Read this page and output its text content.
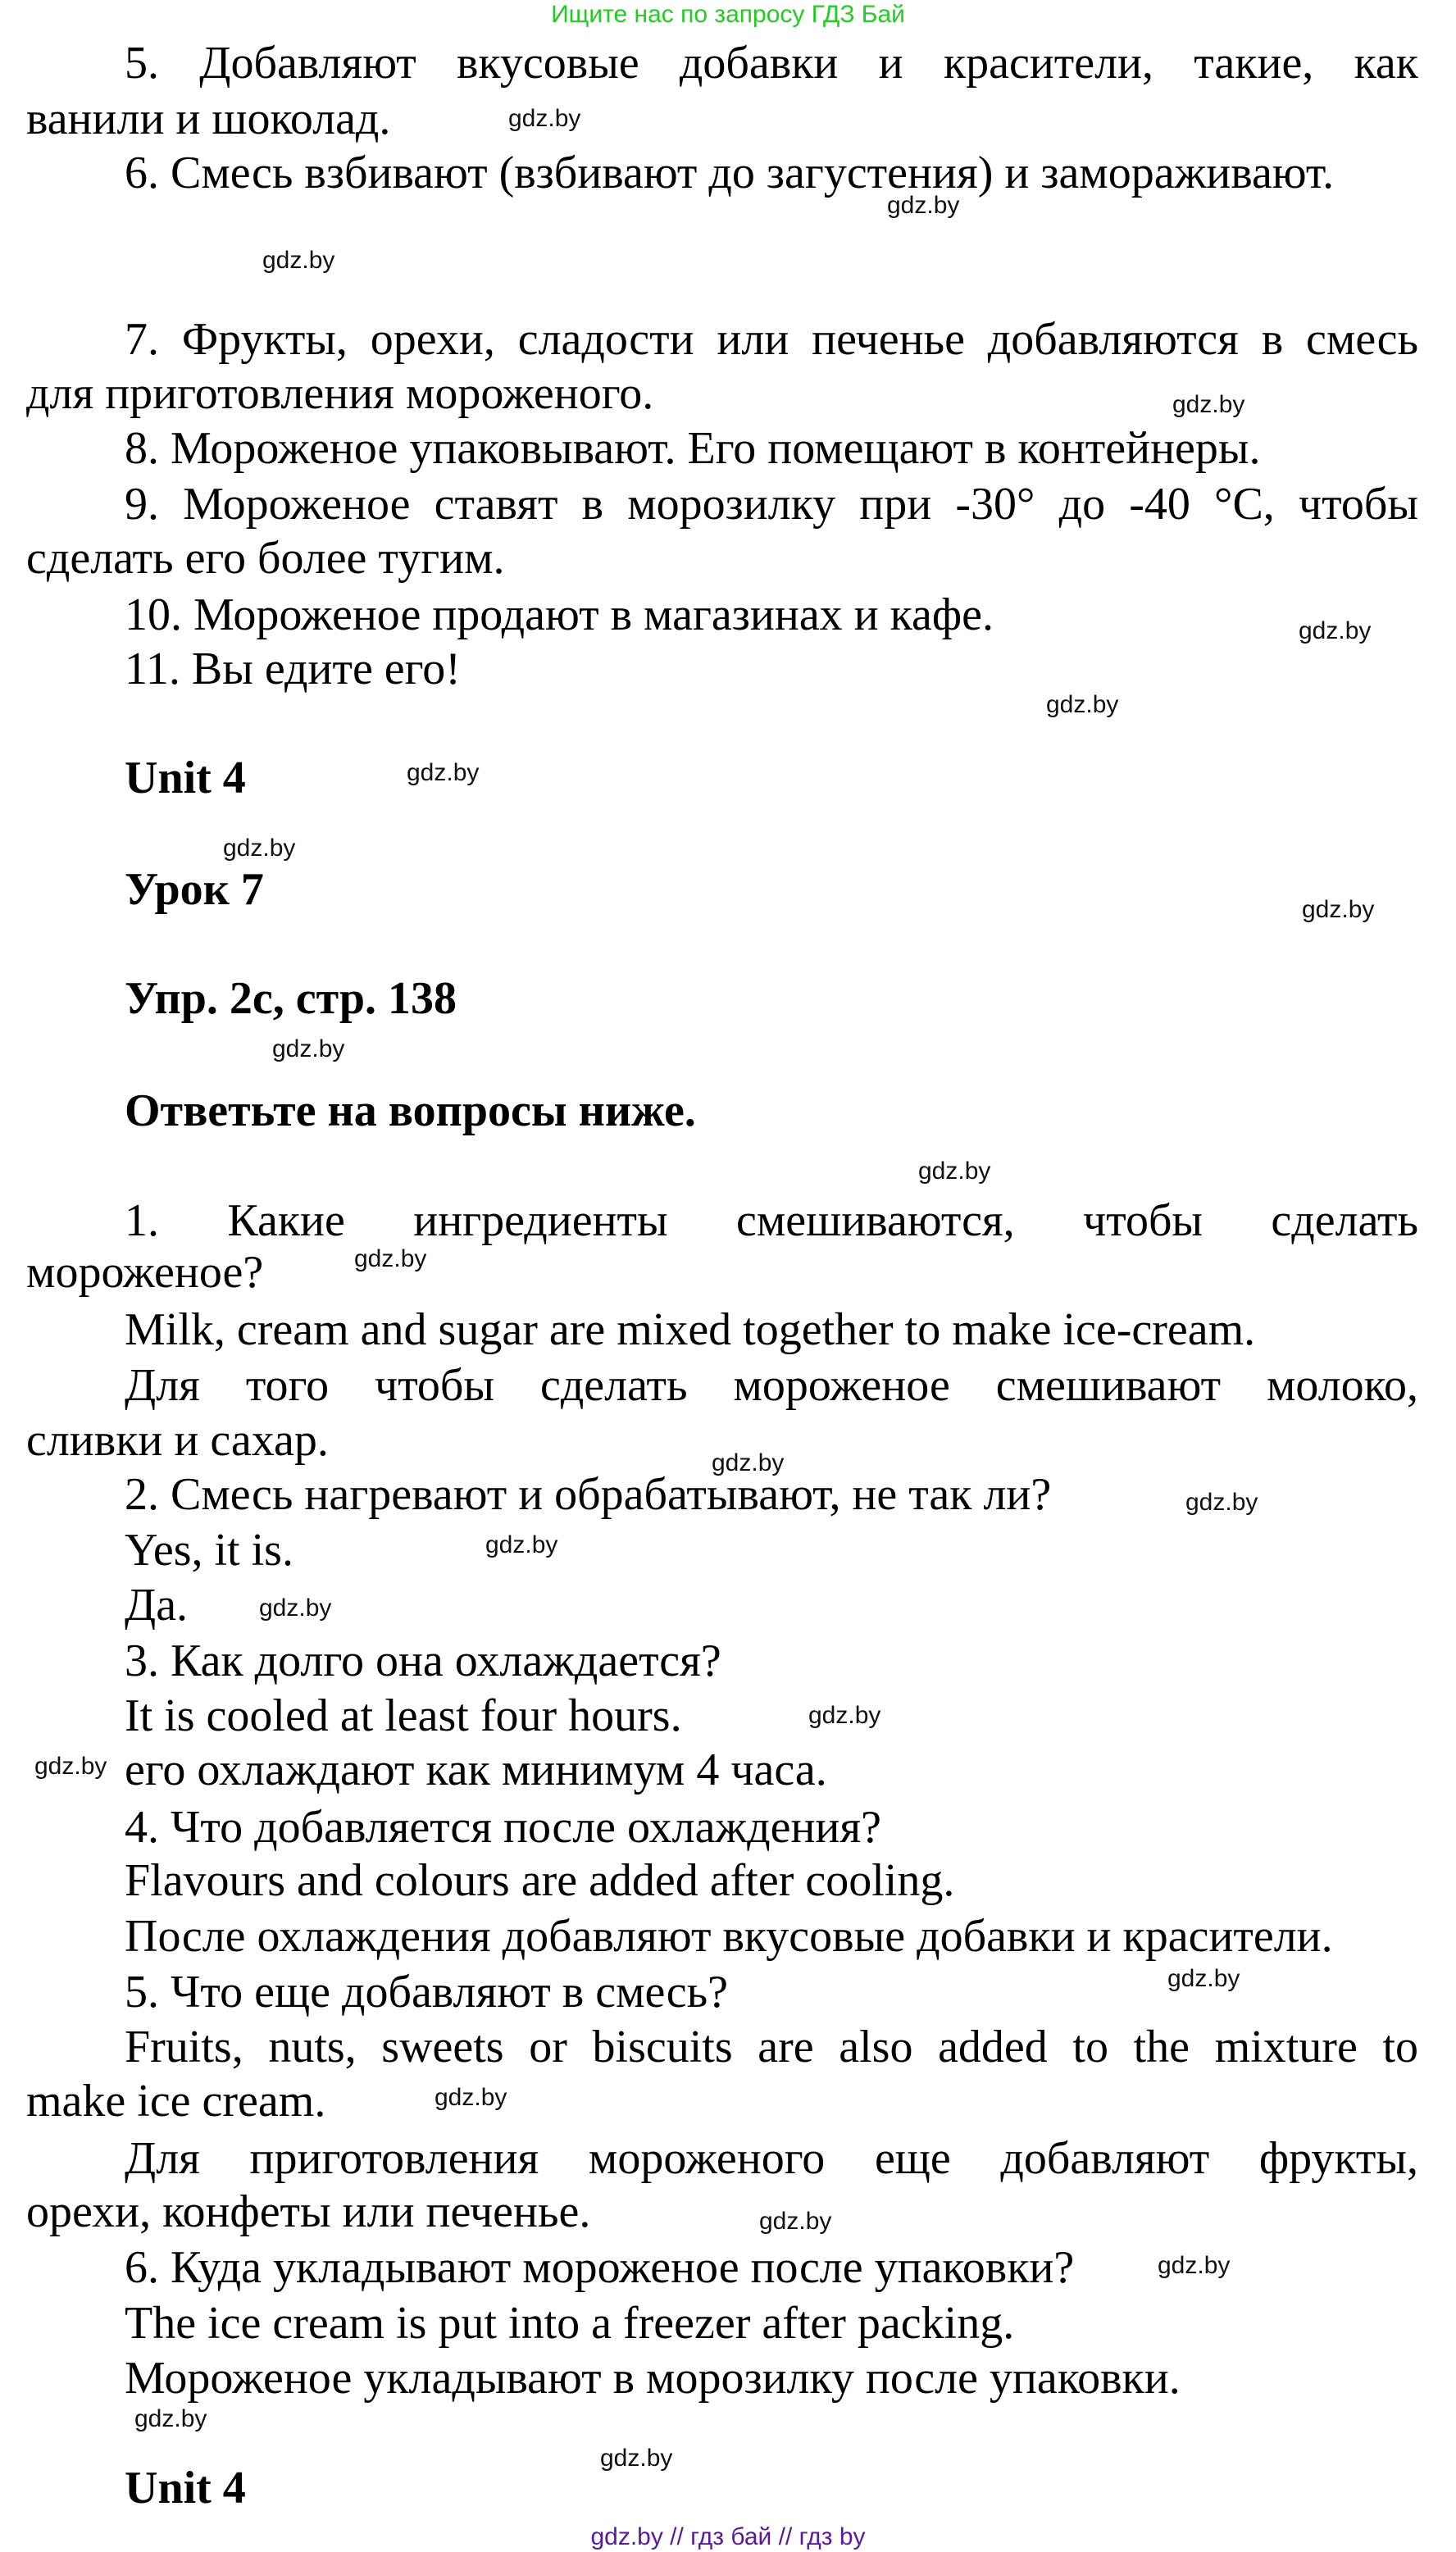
Ищите нас по запросу ГДЗ Бай
5. Добавляют вкусовые добавки и красители, такие, как
ванили и шоколад.
6. Смесь взбивают (взбивают до загустения) и замораживают.
7. Фрукты, орехи, сладости или печенье добавляются в смесь
для приготовления мороженого.
8. Мороженое упаковывают. Его помещают в контейнеры.
9. Мороженое ставят в морозилку при -30° до -40 °С, чтобы
сделать его более тугим.
10. Мороженое продают в магазинах и кафе.
11. Вы едите его!
Unit 4
Урок 7
Упр. 2с, стр. 138
Ответьте на вопросы ниже.
1. Какие ингредиенты смешиваются, чтобы сделать
мороженое?
Milk, cream and sugar are mixed together to make ice-cream.
Для того чтобы сделать мороженое смешивают молоко,
сливки и сахар.
2. Смесь нагревают и обрабатывают, не так ли?
Yes, it is.
Да.
3. Как долго она охлаждается?
It is cooled at least four hours.
его охлаждают как минимум 4 часа.
4. Что добавляется после охлаждения?
Flavours and colours are added after cooling.
После охлаждения добавляют вкусовые добавки и красители.
5. Что еще добавляют в смесь?
Fruits, nuts, sweets or biscuits are also added to the mixture to
make ice cream.
Для приготовления мороженого еще добавляют фрукты,
орехи, конфеты или печенье.
6. Куда укладывают мороженое после упаковки?
The ice cream is put into a freezer after packing.
Мороженое укладывают в морозилку после упаковки.
Unit 4
gdz.by
gdz.by
gdz.by
gdz.by
gdz.by
gdz.by
gdz.by
gdz.by
gdz.by
gdz.by
gdz.by
gdz.by
gdz.by
gdz.by
gdz.by
gdz.by
gdz.by
gdz.by
gdz.by
gdz.by
gdz.by
gdz.by
gdz.by
gdz.by
gdz.by // гдз бай // гдз by
